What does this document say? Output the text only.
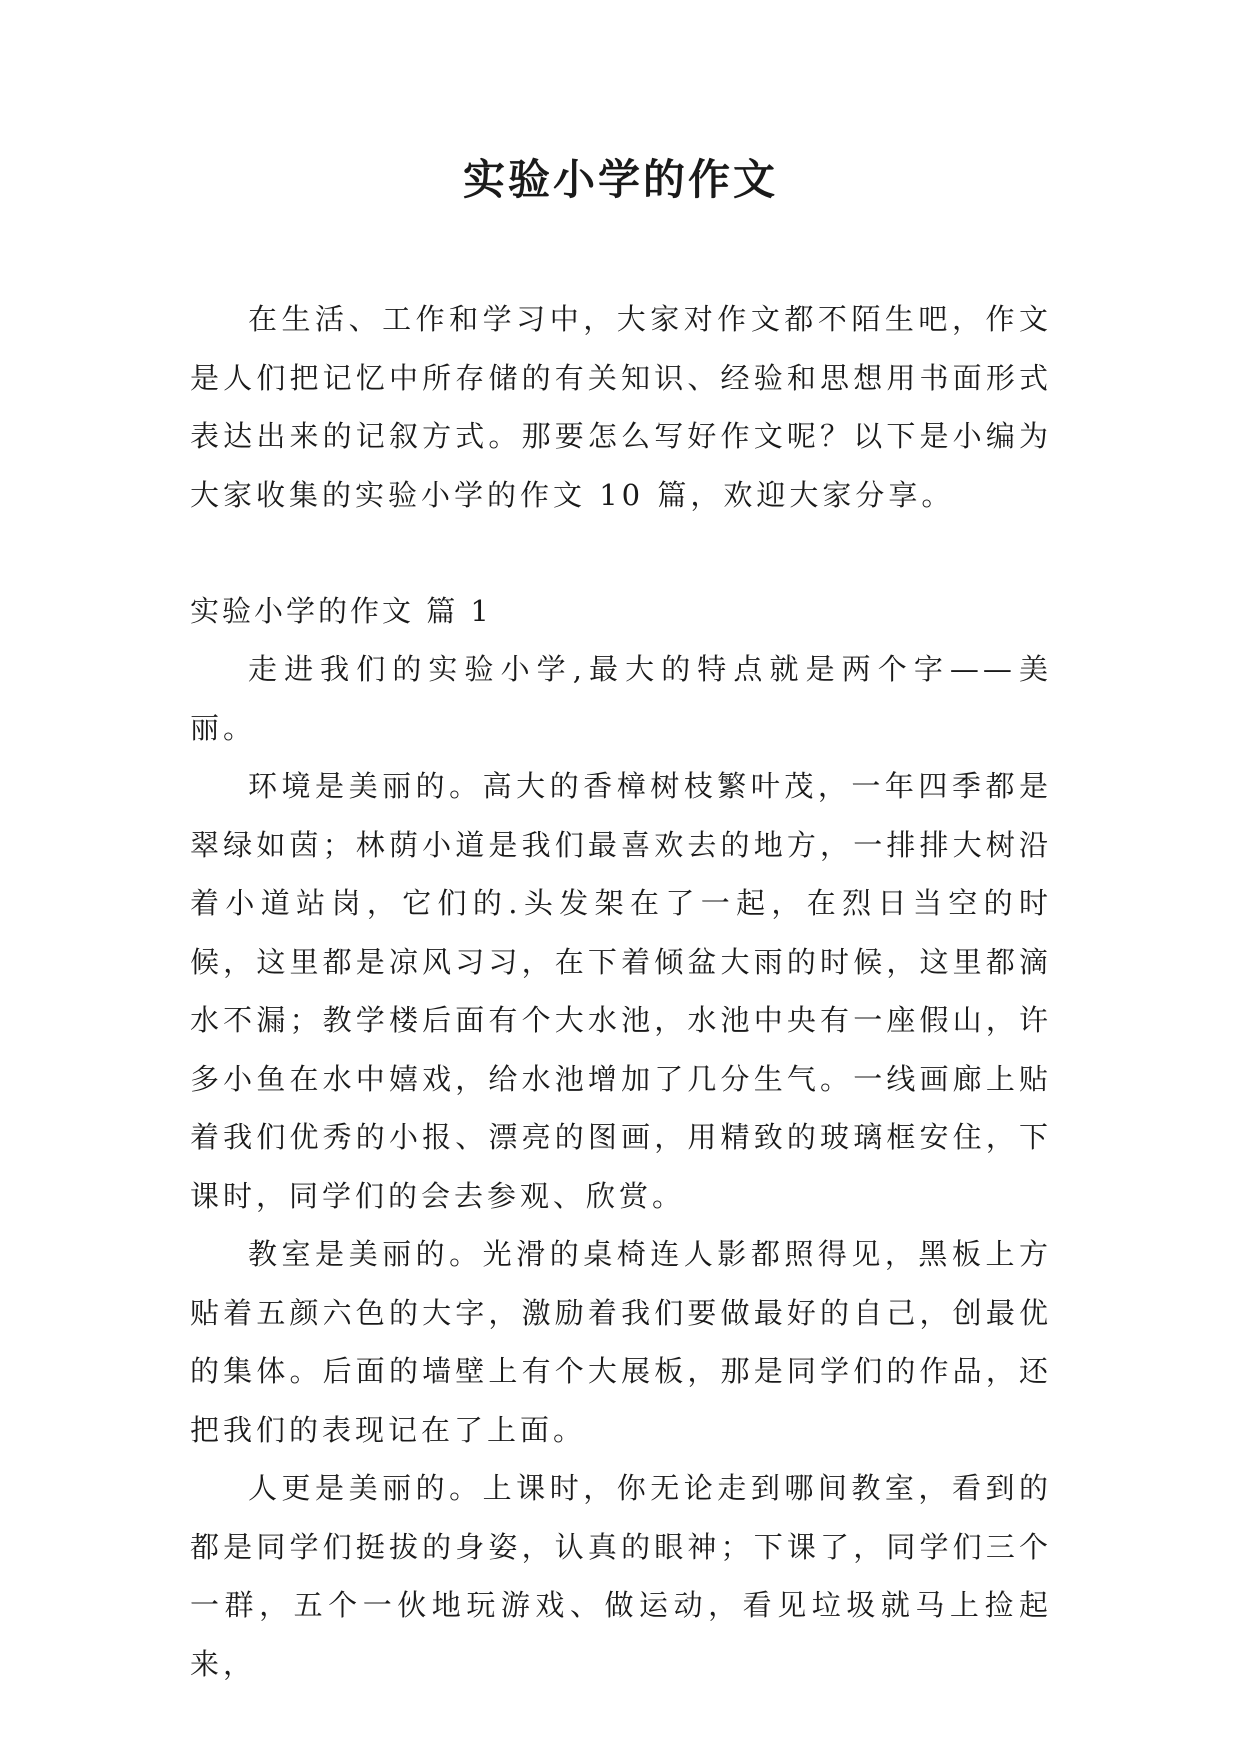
实验小学的作文

在生活、工作和学习中，大家对作文都不陌生吧，作文是人们把记忆中所存储的有关知识、经验和思想用书面形式表达出来的记叙方式。那要怎么写好作文呢？以下是小编为大家收集的实验小学的作文 10 篇，欢迎大家分享。

实验小学的作文 篇 1

走进我们的实验小学,最大的特点就是两个字——美丽。

环境是美丽的。高大的香樟树枝繁叶茂，一年四季都是翠绿如茵；林荫小道是我们最喜欢去的地方，一排排大树沿着小道站岗，它们的.头发架在了一起，在烈日当空的时候，这里都是凉风习习，在下着倾盆大雨的时候，这里都滴水不漏；教学楼后面有个大水池，水池中央有一座假山，许多小鱼在水中嬉戏，给水池增加了几分生气。一线画廊上贴着我们优秀的小报、漂亮的图画，用精致的玻璃框安住，下课时，同学们的会去参观、欣赏。

教室是美丽的。光滑的桌椅连人影都照得见，黑板上方贴着五颜六色的大字，激励着我们要做最好的自己，创最优的集体。后面的墙壁上有个大展板，那是同学们的作品，还把我们的表现记在了上面。

人更是美丽的。上课时，你无论走到哪间教室，看到的都是同学们挺拔的身姿，认真的眼神；下课了，同学们三个一群，五个一伙地玩游戏、做运动，看见垃圾就马上捡起来，
